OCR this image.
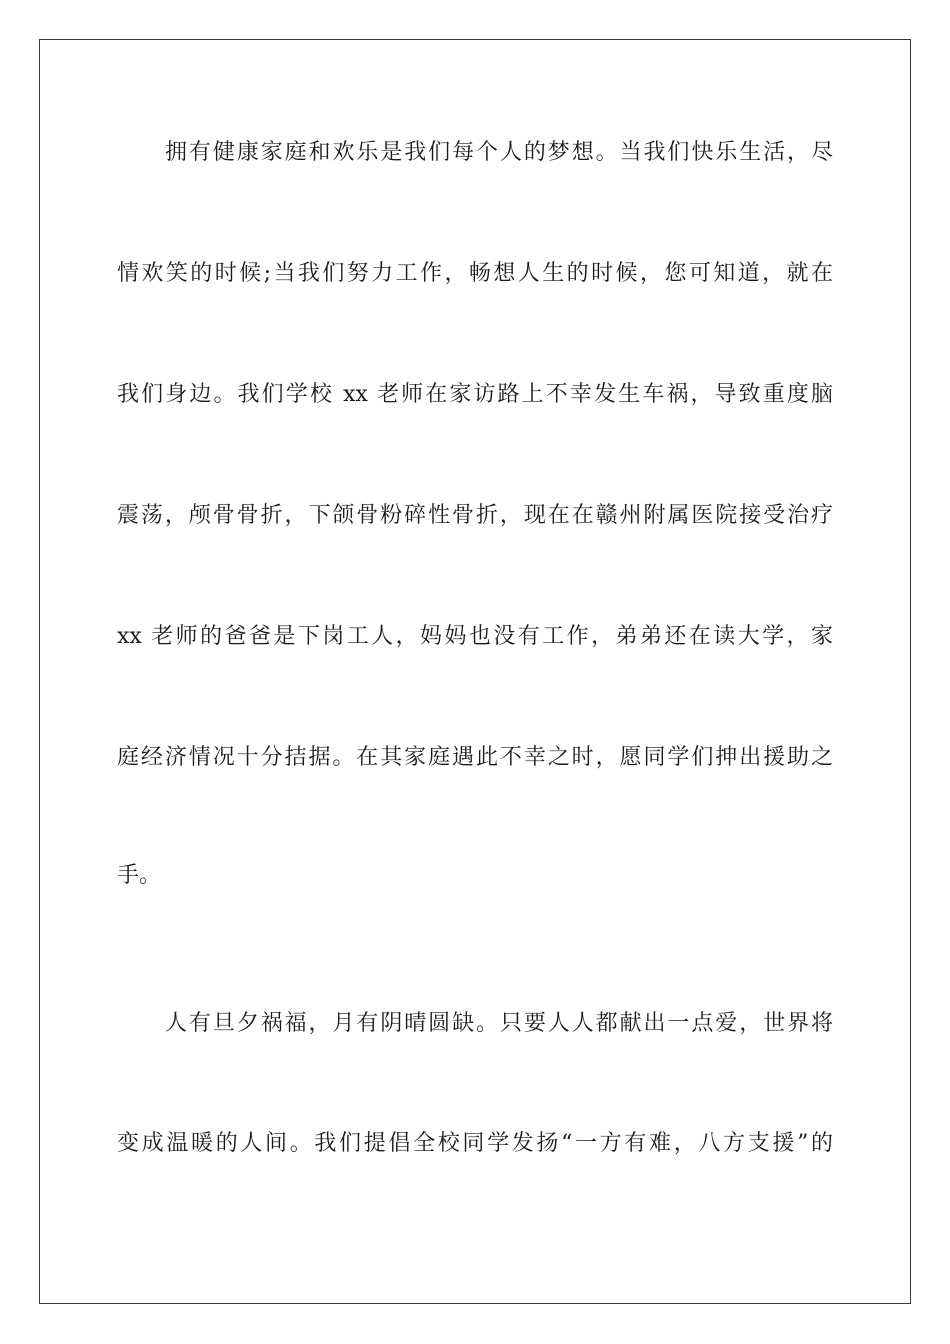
拥有健康家庭和欢乐是我们每个人的梦想。当我们快乐生活，尽

情欢笑的时候;当我们努力工作，畅想人生的时候，您可知道，就在

我们身边。我们学校 xx 老师在家访路上不幸发生车祸，导致重度脑

震荡，颅骨骨折，下颌骨粉碎性骨折，现在在赣州附属医院接受治疗

xx 老师的爸爸是下岗工人，妈妈也没有工作，弟弟还在读大学，家

庭经济情况十分拮据。在其家庭遇此不幸之时，愿同学们抻出援助之

手。

人有旦夕祸福，月有阴晴圆缺。只要人人都献出一点爱，世界将

变成温暖的人间。我们提倡全校同学发扬“一方有难，八方支援”的
